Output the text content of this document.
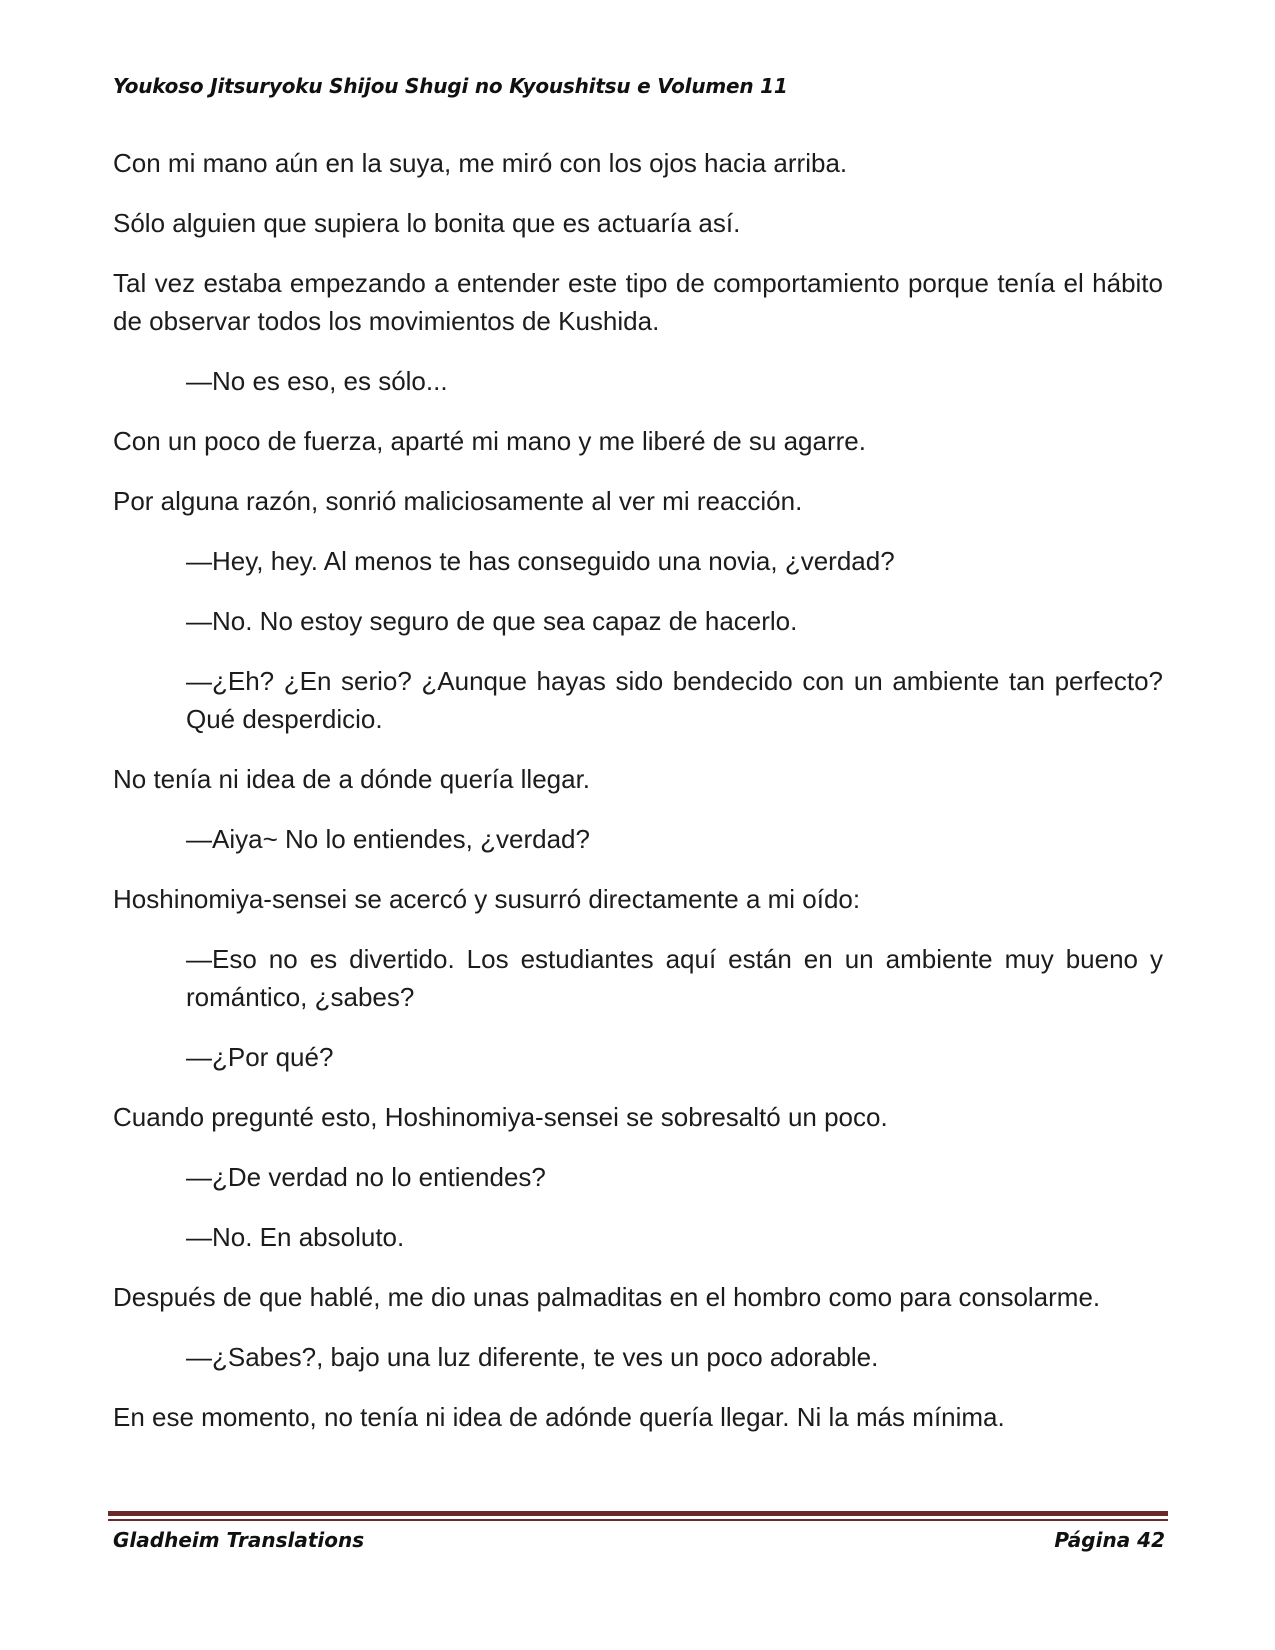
Youkoso Jitsuryoku Shijou Shugi no Kyoushitsu e Volumen 11

Con mi mano aún en la suya, me miró con los ojos hacia arriba.

Sólo alguien que supiera lo bonita que es actuaría así.

Tal vez estaba empezando a entender este tipo de comportamiento porque tenía el hábito de observar todos los movimientos de Kushida.

—No es eso, es sólo...

Con un poco de fuerza, aparté mi mano y me liberé de su agarre.

Por alguna razón, sonrió maliciosamente al ver mi reacción.

—Hey, hey. Al menos te has conseguido una novia, ¿verdad?

—No. No estoy seguro de que sea capaz de hacerlo.

—¿Eh? ¿En serio? ¿Aunque hayas sido bendecido con un ambiente tan perfecto? Qué desperdicio.

No tenía ni idea de a dónde quería llegar.

—Aiya~ No lo entiendes, ¿verdad?

Hoshinomiya-sensei se acercó y susurró directamente a mi oído:

—Eso no es divertido. Los estudiantes aquí están en un ambiente muy bueno y romántico, ¿sabes?

—¿Por qué?

Cuando pregunté esto, Hoshinomiya-sensei se sobresaltó un poco.

—¿De verdad no lo entiendes?

—No. En absoluto.

Después de que hablé, me dio unas palmaditas en el hombro como para consolarme.

—¿Sabes?, bajo una luz diferente, te ves un poco adorable.

En ese momento, no tenía ni idea de adónde quería llegar. Ni la más mínima.

Gladheim Translations	Página 42
